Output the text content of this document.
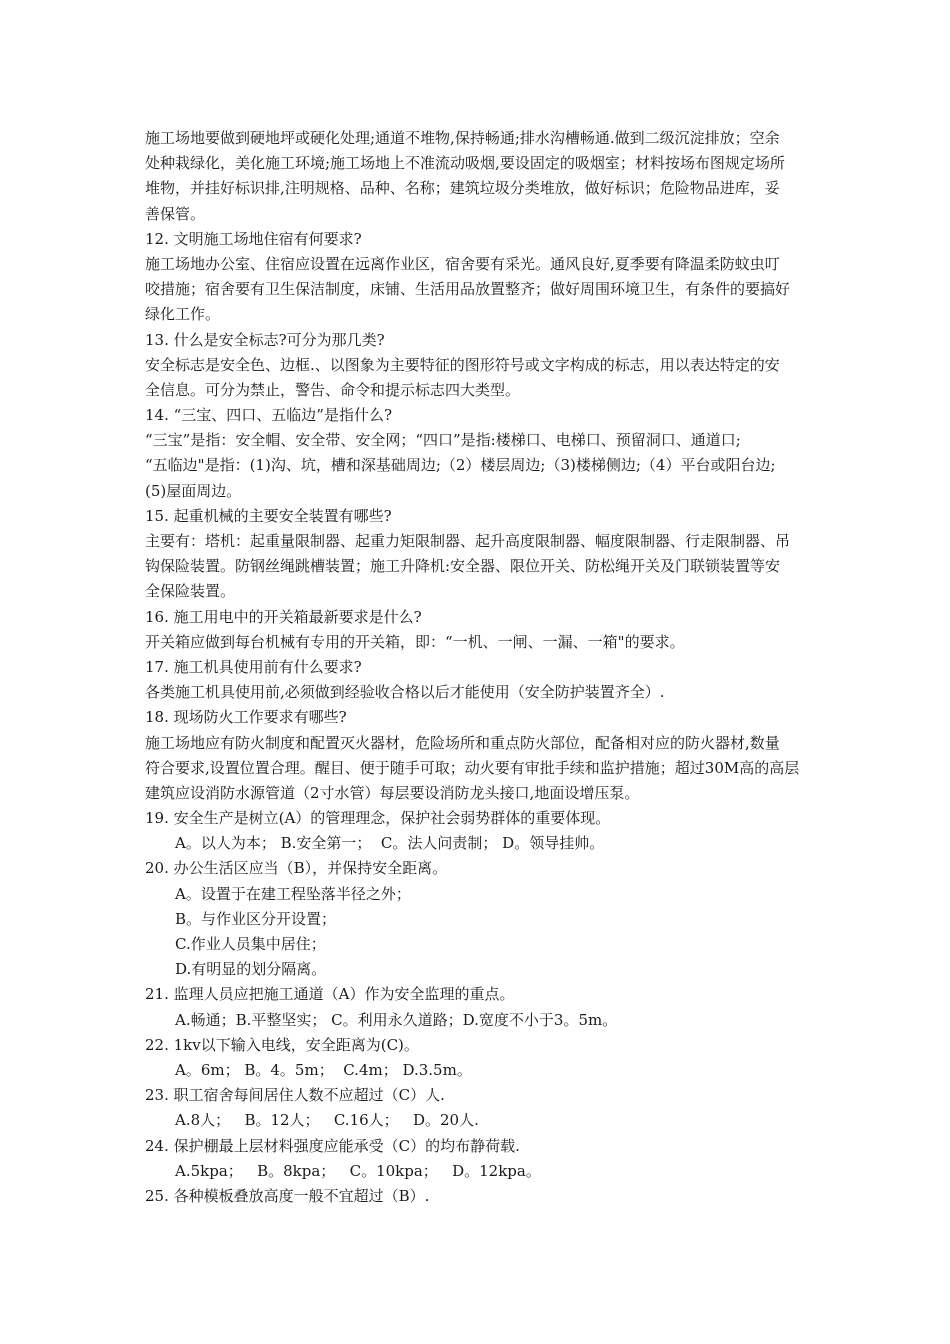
施工场地要做到硬地坪或硬化处理;通道不堆物,保持畅通;排水沟槽畅通.做到二级沉淀排放；空余
处种栽绿化，美化施工环境;施工场地上不准流动吸烟,要设固定的吸烟室；材料按场布图规定场所
堆物，并挂好标识排,注明规格、品种、名称；建筑垃圾分类堆放，做好标识；危险物品进库，妥
善保管。
12. 文明施工场地住宿有何要求?
施工场地办公室、住宿应设置在远离作业区，宿舍要有采光。通风良好,夏季要有降温柔防蚊虫叮
咬措施；宿舍要有卫生保洁制度，床铺、生活用品放置整齐；做好周围环境卫生，有条件的要搞好
绿化工作。
13. 什么是安全标志?可分为那几类?
安全标志是安全色、边框.、以图象为主要特征的图形符号或文字构成的标志，用以表达特定的安
全信息。可分为禁止，警告、命令和提示标志四大类型。
14. “三宝、四口、五临边”是指什么?
“三宝”是指：安全帽、安全带、安全网；“四口”是指:楼梯口、电梯口、预留洞口、通道口;
“五临边"是指：(1)沟、坑，槽和深基础周边;（2）楼层周边;（3)楼梯侧边;（4）平台或阳台边;
(5)屋面周边。
15. 起重机械的主要安全装置有哪些?
主要有：塔机：起重量限制器、起重力矩限制器、起升高度限制器、幅度限制器、行走限制器、吊
钩保险装置。防钢丝绳跳槽装置；施工升降机:安全器、限位开关、防松绳开关及门联锁装置等安
全保险装置。
16. 施工用电中的开关箱最新要求是什么?
开关箱应做到每台机械有专用的开关箱，即：“一机、一闸、一漏、一箱"的要求。
17. 施工机具使用前有什么要求?
各类施工机具使用前,必须做到经验收合格以后才能使用（安全防护装置齐全）.
18. 现场防火工作要求有哪些?
施工场地应有防火制度和配置灭火器材，危险场所和重点防火部位，配备相对应的防火器材,数量
符合要求,设置位置合理。醒目、便于随手可取；动火要有审批手续和监护措施；超过30M高的高层
建筑应设消防水源管道（2寸水管）每层要设消防龙头接口,地面设增压泵。
19. 安全生产是树立(A）的管理理念，保护社会弱势群体的重要体现。
A。以人为本； B.安全第一；  C。法人问责制； D。领导挂帅。
20. 办公生活区应当（B），并保持安全距离。
A。设置于在建工程坠落半径之外；
B。与作业区分开设置；
C.作业人员集中居住；
D.有明显的划分隔离。
21. 监理人员应把施工通道（A）作为安全监理的重点。
A.畅通；B.平整坚实； C。利用永久道路；D.宽度不小于3。5m。
22. 1kv以下输入电线，安全距离为(C)。
A。6m； B。4。5m；  C.4m； D.3.5m。
23. 职工宿舍每间居住人数不应超过（C）人.
A.8人；   B。12人；   C.16人；   D。20人.
24. 保护棚最上层材料强度应能承受（C）的均布静荷载.
A.5kpa；   B。8kpa；   C。10kpa；   D。12kpa。
25. 各种模板叠放高度一般不宜超过（B）.
